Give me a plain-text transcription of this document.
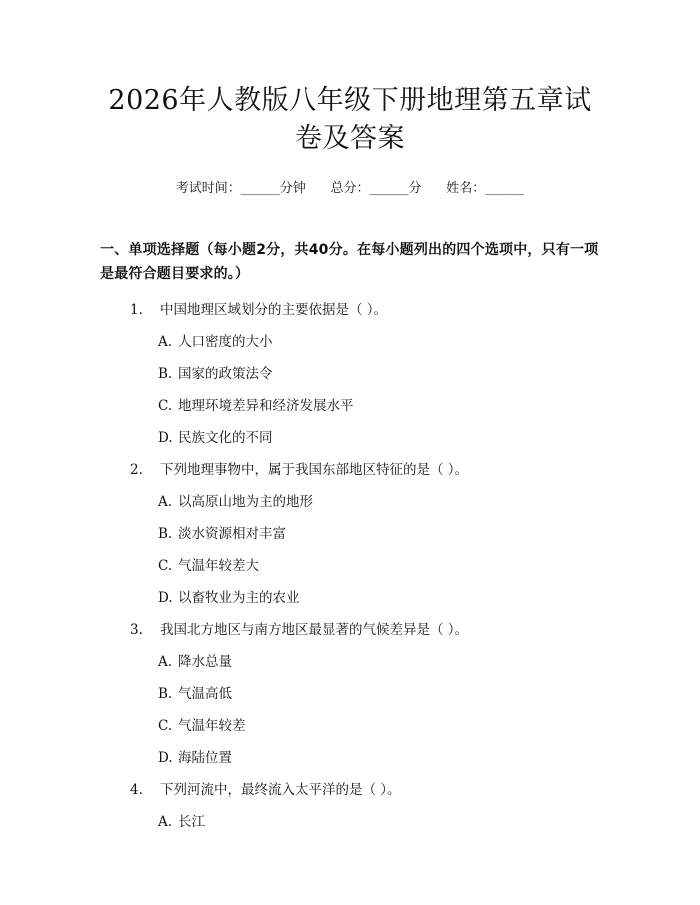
2026年人教版八年级下册地理第五章试卷及答案
考试时间：______分钟      总分：______分      姓名：______
一、单项选择题（每小题2分，共40分。在每小题列出的四个选项中，只有一项是最符合题目要求的。）
1. 中国地理区域划分的主要依据是（ ）。
A. 人口密度的大小
B. 国家的政策法令
C. 地理环境差异和经济发展水平
D. 民族文化的不同
2. 下列地理事物中，属于我国东部地区特征的是（ ）。
A. 以高原山地为主的地形
B. 淡水资源相对丰富
C. 气温年较差大
D. 以畜牧业为主的农业
3. 我国北方地区与南方地区最显著的气候差异是（ ）。
A. 降水总量
B. 气温高低
C. 气温年较差
D. 海陆位置
4. 下列河流中，最终流入太平洋的是（ ）。
A. 长江
